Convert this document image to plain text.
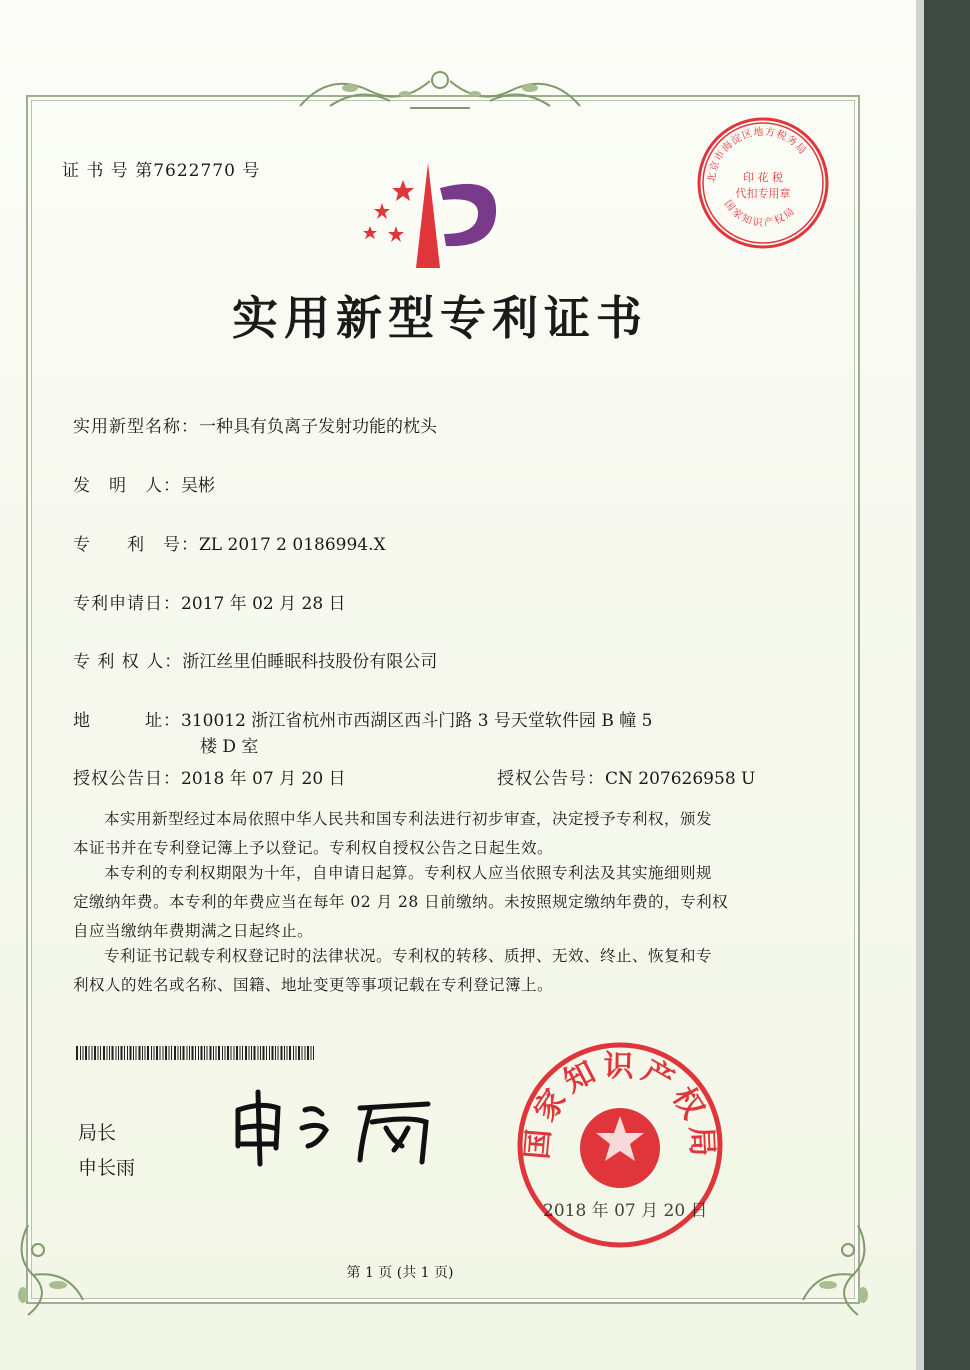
证 书 号 第7622770 号
实用新型专利证书
实用新型名称：一种具有负离子发射功能的枕头
发　明　人：吴彬
专　　利　号：ZL 2017 2 0186994.X
专利申请日：2017 年 02 月 28 日
专 利 权 人：浙江丝里伯睡眠科技股份有限公司
地　　　址：310012 浙江省杭州市西湖区西斗门路 3 号天堂软件园 B 幢 5
楼 D 室
授权公告日：2018 年 07 月 20 日	授权公告号：CN 207626958 U
本实用新型经过本局依照中华人民共和国专利法进行初步审查，决定授予专利权，颁发
本证书并在专利登记簿上予以登记。专利权自授权公告之日起生效。
本专利的专利权期限为十年，自申请日起算。专利权人应当依照专利法及其实施细则规
定缴纳年费。本专利的年费应当在每年 02 月 28 日前缴纳。未按照规定缴纳年费的，专利权
自应当缴纳年费期满之日起终止。
专利证书记载专利权登记时的法律状况。专利权的转移、质押、无效、终止、恢复和专
利权人的姓名或名称、国籍、地址变更等事项记载在专利登记簿上。
局长
申长雨
国家知识产权局
2018 年 07 月 20 日
北京市海淀区地方税务局
国家知识产权局
印 花 税
代扣专用章
第 1 页 (共 1 页)
